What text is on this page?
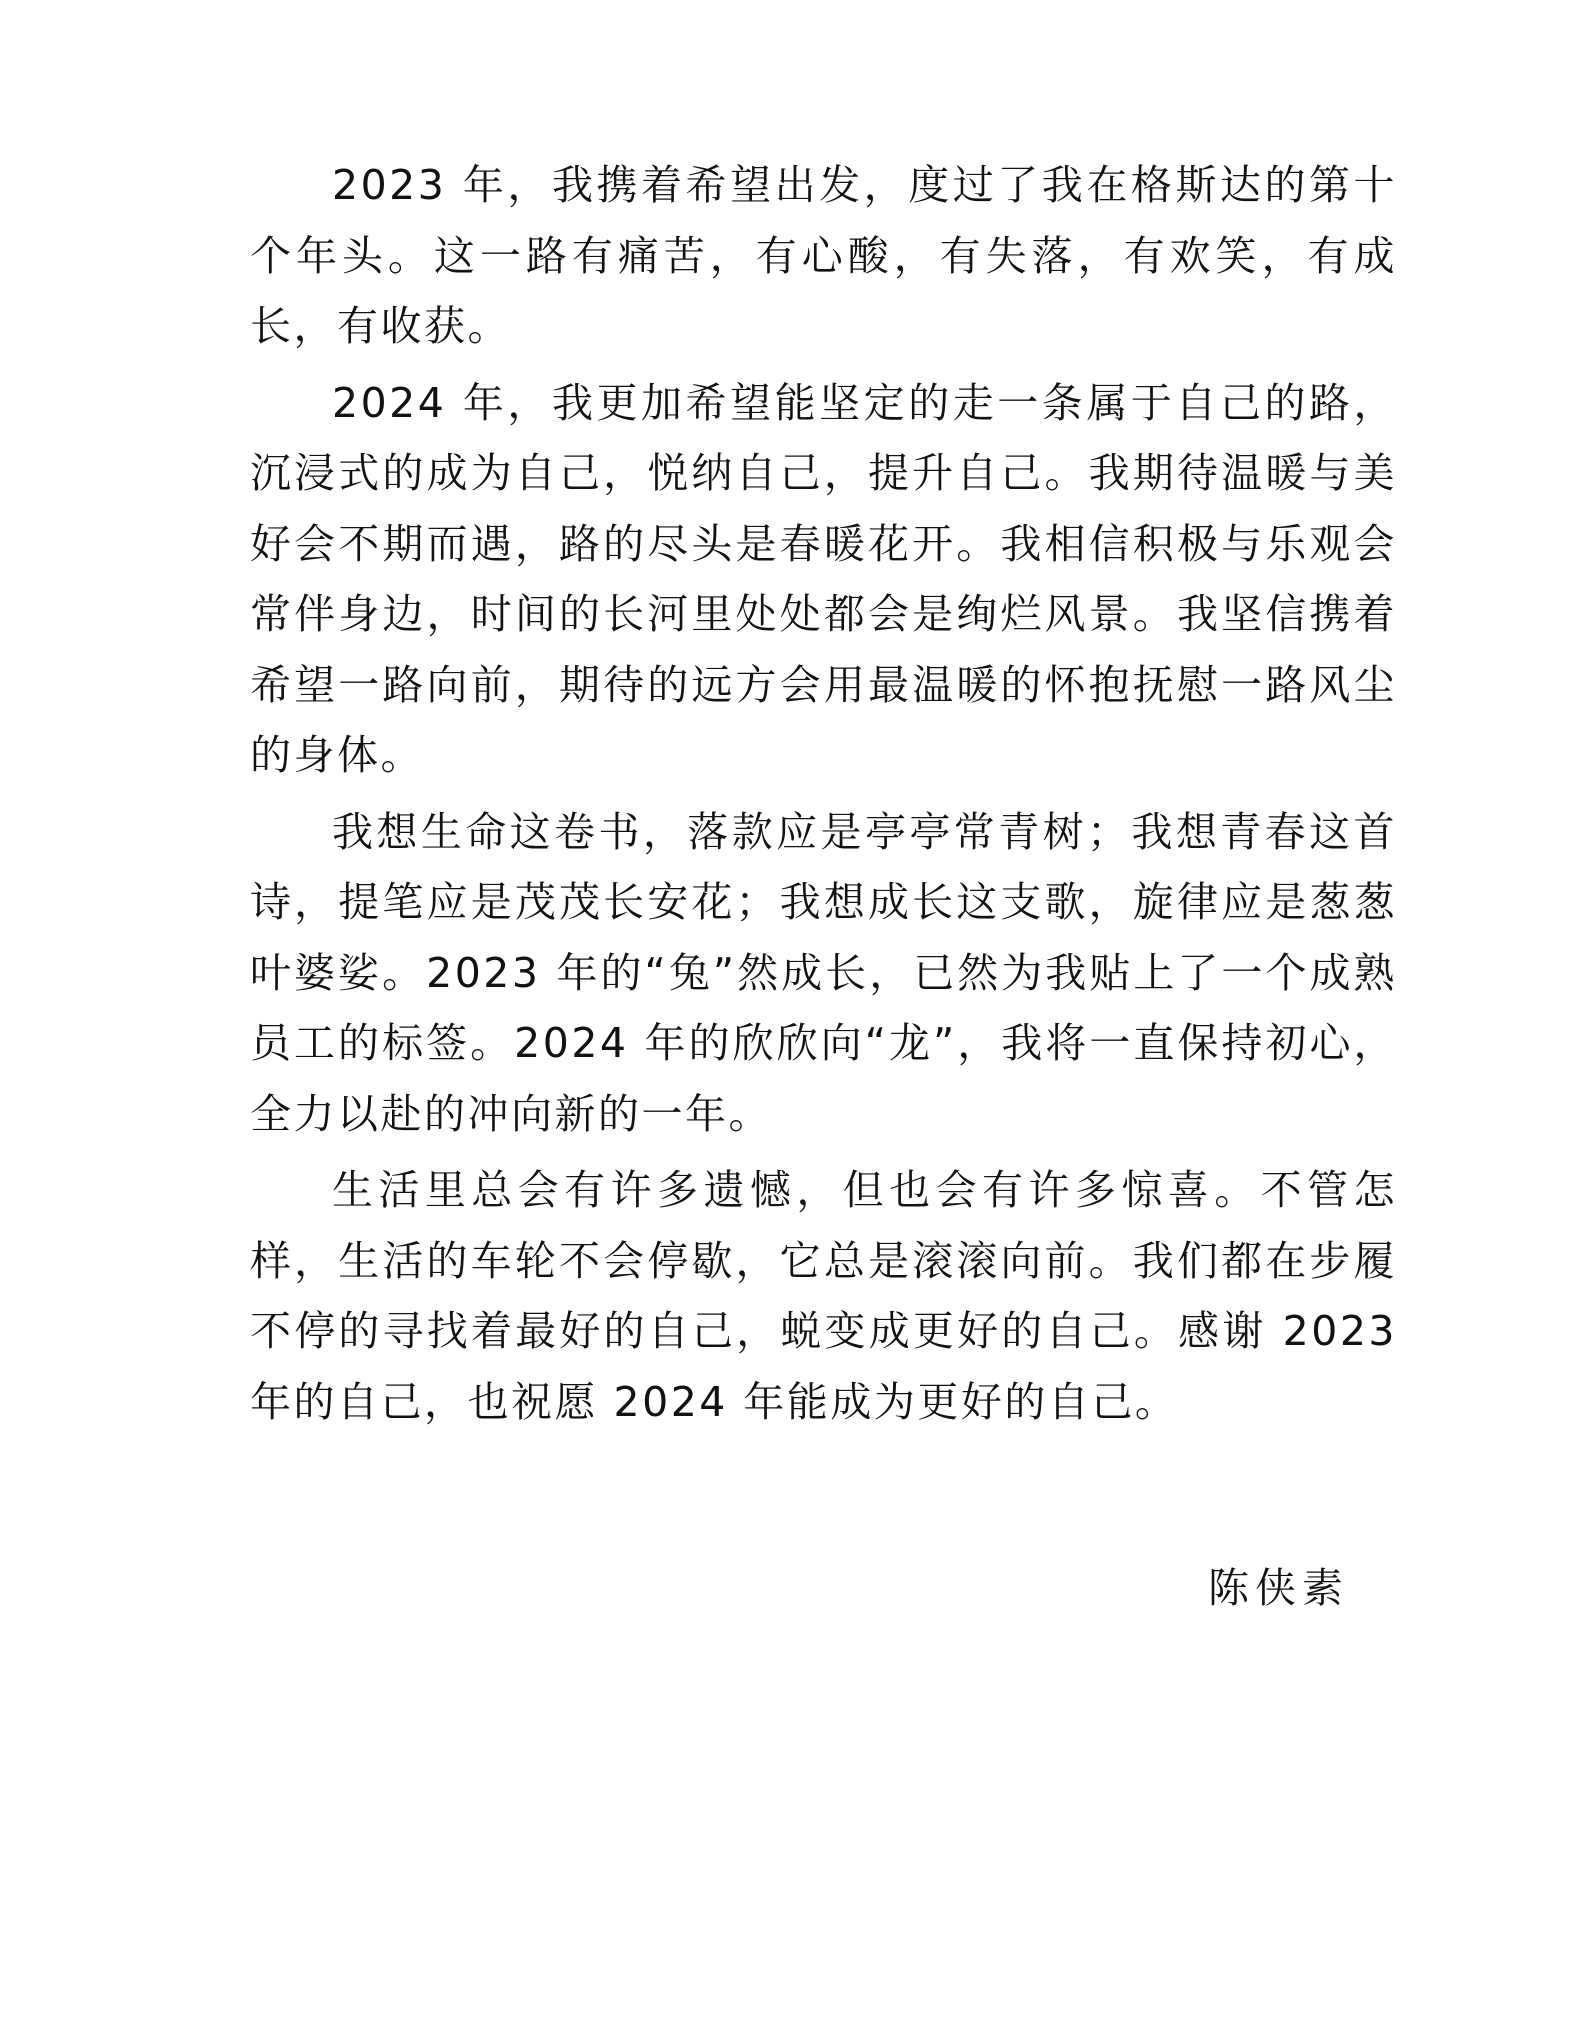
2023 年，我携着希望出发，度过了我在格斯达的第十个年头。这一路有痛苦，有心酸，有失落，有欢笑，有成长，有收获。

2024 年，我更加希望能坚定的走一条属于自己的路，沉浸式的成为自己，悦纳自己，提升自己。我期待温暖与美好会不期而遇，路的尽头是春暖花开。我相信积极与乐观会常伴身边，时间的长河里处处都会是绚烂风景。我坚信携着希望一路向前，期待的远方会用最温暖的怀抱抚慰一路风尘的身体。

我想生命这卷书，落款应是亭亭常青树；我想青春这首诗，提笔应是茂茂长安花；我想成长这支歌，旋律应是葱葱叶婆娑。2023 年的“兔”然成长，已然为我贴上了一个成熟员工的标签。2024 年的欣欣向“龙”，我将一直保持初心，全力以赴的冲向新的一年。

生活里总会有许多遗憾，但也会有许多惊喜。不管怎样，生活的车轮不会停歇，它总是滚滚向前。我们都在步履不停的寻找着最好的自己，蜕变成更好的自己。感谢 2023 年的自己，也祝愿 2024 年能成为更好的自己。

陈侠素
